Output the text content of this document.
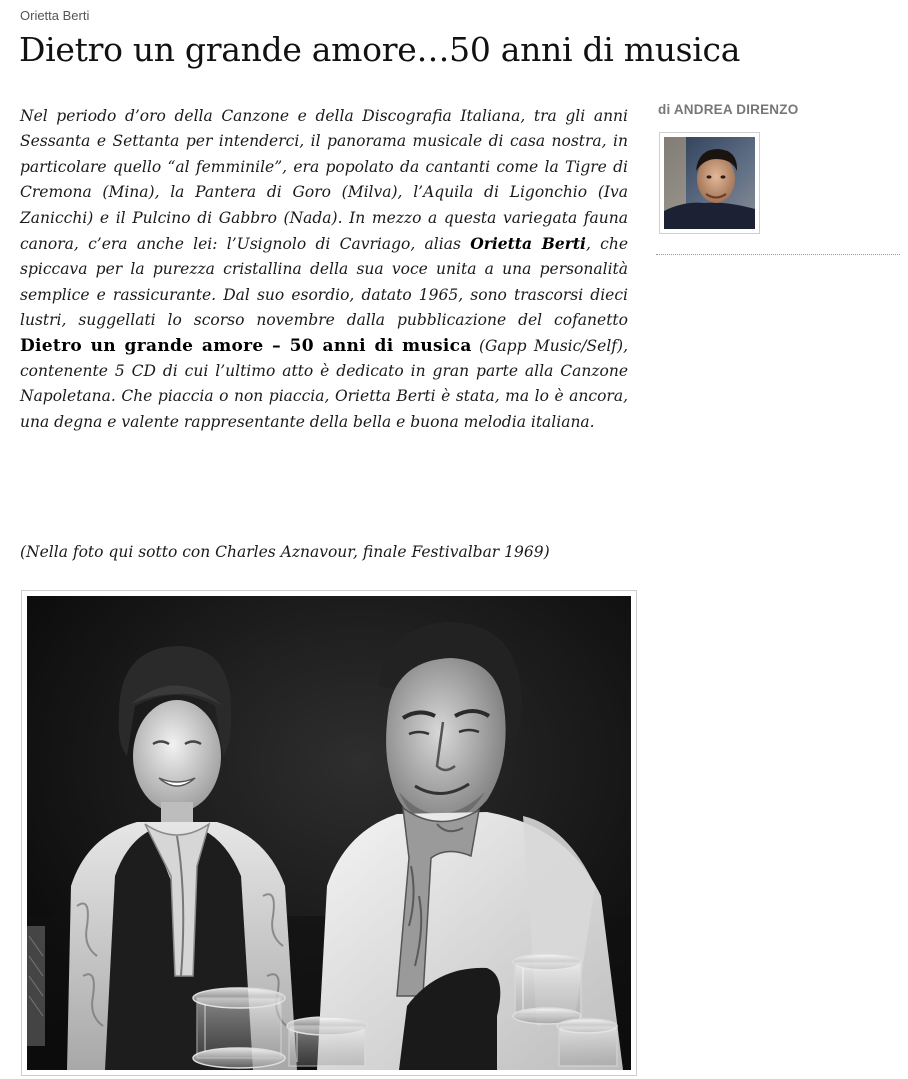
Orietta Berti
Dietro un grande amore…50 anni di musica

Nel periodo d’oro della Canzone e della Discografia Italiana, tra gli anni Sessanta e Settanta per intenderci, il panorama musicale di casa nostra, in particolare quello “al femminile”, era popolato da cantanti come la Tigre di Cremona (Mina), la Pantera di Goro (Milva), l’Aquila di Ligonchio (Iva Zanicchi) e il Pulcino di Gabbro (Nada). In mezzo a questa variegata fauna canora, c’era anche lei: l’Usignolo di Cavriago, alias Orietta Berti, che spiccava per la purezza cristallina della sua voce unita a una personalità semplice e rassicurante. Dal suo esordio, datato 1965, sono trascorsi dieci lustri, suggellati lo scorso novembre dalla pubblicazione del cofanetto Dietro un grande amore – 50 anni di musica (Gapp Music/Self), contenente 5 CD di cui l’ultimo atto è dedicato in gran parte alla Canzone Napoletana. Che piaccia o non piaccia, Orietta Berti è stata, ma lo è ancora, una degna e valente rappresentante della bella e buona melodia italiana.

(Nella foto qui sotto con Charles Aznavour, finale Festivalbar 1969)
di ANDREA DIRENZO
